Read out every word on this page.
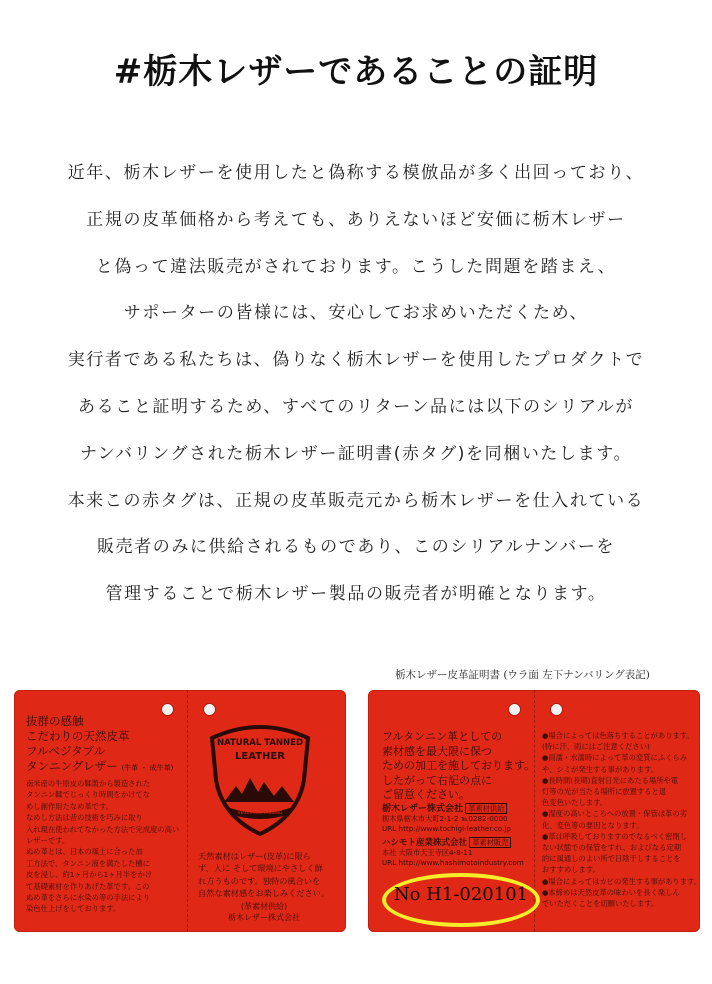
#栃木レザーであることの証明
近年、栃木レザーを使用したと偽称する模倣品が多く出回っており、
正規の皮革価格から考えても、ありえないほど安価に栃木レザー
と偽って違法販売がされております。こうした問題を踏まえ、
サポーターの皆様には、安心してお求めいただくため、
実行者である私たちは、偽りなく栃木レザーを使用したプロダクトで
あること証明するため、すべてのリターン品には以下のシリアルが
ナンバリングされた栃木レザー証明書(赤タグ)を同梱いたします。
本来この赤タグは、正規の皮革販売元から栃木レザーを仕入れている
販売者のみに供給されるものであり、このシリアルナンバーを
管理することで栃木レザー製品の販売者が明確となります。
栃木レザー皮革証明書 (ウラ面 左下ナンバリング表記)
抜群の感触
こだわりの天然皮革
フルベジタブル
タンニングレザー (牛革 ・ 成牛革)
南米産の牛原皮の鞣製から製造された
タンニン鞣でじっくり時間をかけてな
めし創作用たなめ革です。
なめし方法は昔の技術を巧みに取り
入れ現在使われてなかった方法で完成度の高い
レザーです。
ぬめ革とは、日本の風土に合った加
工方法で、タンニン液を満たした槽に
皮を浸し、約1ヶ月から1ヶ月半をかけ
て基礎素材を作りあげた革です。この
ぬめ革をさらに水染め等の手法により
染色仕上げをしております。
NATURAL TANNED
LEATHER
VEGETABLE TANNING
天然素材はレザー(皮革)に限ら
ず、人に そして環境にやさしく鮮
れ方うものです。独特の風合いを
自然な素材感をお楽しみください。
(革素材供給)
栃木レザー株式会社
フルタンニン革としての
素材感を最大限に保つ
ための加工を施しております。
したがって右記の点に
ご留意ください。
栃木レザー株式会社 革素材供給
栃木県栃木市大町2-1-2 ℡0282-0000
URL http://www.tochigi-leather.co.jp
ハシモト産業株式会社 革素材販売
本社 大阪市天王寺区4-8-11
URL http://www.hashimotoindustry.com
●場合によっては色落ちすることがあります。
(特に汗、雨にはご注意ください)
●雨濡・水濡時によって革の変質にふくらみ
や、シミが発生する事があります。
●長時間(長期)直射日光にあたる場所や電
灯等の光が当たる場所に放置すると退
色変色いたします。
●湿度の高いところへの放置・保管は革の劣
化、変色等の要因となります。
●革は呼吸しておりますのでなるべく密閉し
ない状態での保管をすれ、およびなる定期
的に風通しのよい所で日陰干しすることを
おすすめします。
●場合によってはカビの発生する事があります。
●本締めは天然皮革の味わいを長く楽しん
でいただくことを切願いたします。
No H1-020101
